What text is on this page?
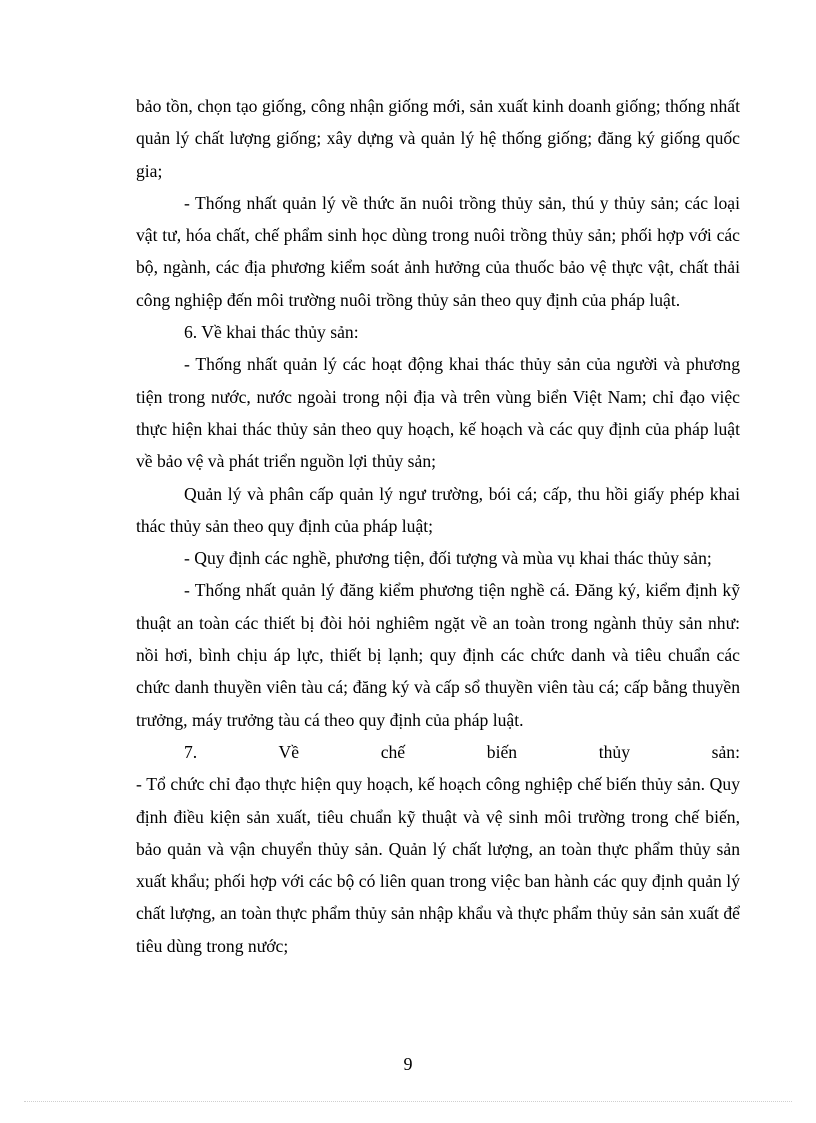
bảo tồn, chọn tạo giống, công nhận giống mới, sản xuất kinh doanh giống; thống nhất quản lý chất lượng giống; xây dựng và quản lý hệ thống giống; đăng ký giống quốc gia;

- Thống nhất quản lý về thức ăn nuôi trồng thủy sản, thú y thủy sản; các loại vật tư, hóa chất, chế phẩm sinh học dùng trong nuôi trồng thủy sản; phối hợp với các bộ, ngành, các địa phương kiểm soát ảnh hưởng của thuốc bảo vệ thực vật, chất thải công nghiệp đến môi trường nuôi trồng thủy sản theo quy định của pháp luật.

6. Về khai thác thủy sản:

- Thống nhất quản lý các hoạt động khai thác thủy sản của người và phương tiện trong nước, nước ngoài trong nội địa và trên vùng biển Việt Nam; chỉ đạo việc thực hiện khai thác thủy sản theo quy hoạch, kế hoạch và các quy định của pháp luật về bảo vệ và phát triển nguồn lợi thủy sản;

Quản lý và phân cấp quản lý ngư trường, bói cá; cấp, thu hồi giấy phép khai thác thủy sản theo quy định của pháp luật;

- Quy định các nghề, phương tiện, đối tượng và mùa vụ khai thác thủy sản;

- Thống nhất quản lý đăng kiểm phương tiện nghề cá. Đăng ký, kiểm định kỹ thuật an toàn các thiết bị đòi hỏi nghiêm ngặt về an toàn trong ngành thủy sản như: nồi hơi, bình chịu áp lực, thiết bị lạnh; quy định các chức danh và tiêu chuẩn các chức danh thuyền viên tàu cá; đăng ký và cấp sổ thuyền viên tàu cá; cấp bằng thuyền trưởng, máy trưởng tàu cá theo quy định của pháp luật.

7. Về chế biến thủy sản:

- Tổ chức chỉ đạo thực hiện quy hoạch, kế hoạch công nghiệp chế biến thủy sản. Quy định điều kiện sản xuất, tiêu chuẩn kỹ thuật và vệ sinh môi trường trong chế biến, bảo quản và vận chuyển thủy sản. Quản lý chất lượng, an toàn thực phẩm thủy sản xuất khẩu; phối hợp với các bộ có liên quan trong việc ban hành các quy định quản lý chất lượng, an toàn thực phẩm thủy sản nhập khẩu và thực phẩm thủy sản sản xuất để tiêu dùng trong nước;

9
